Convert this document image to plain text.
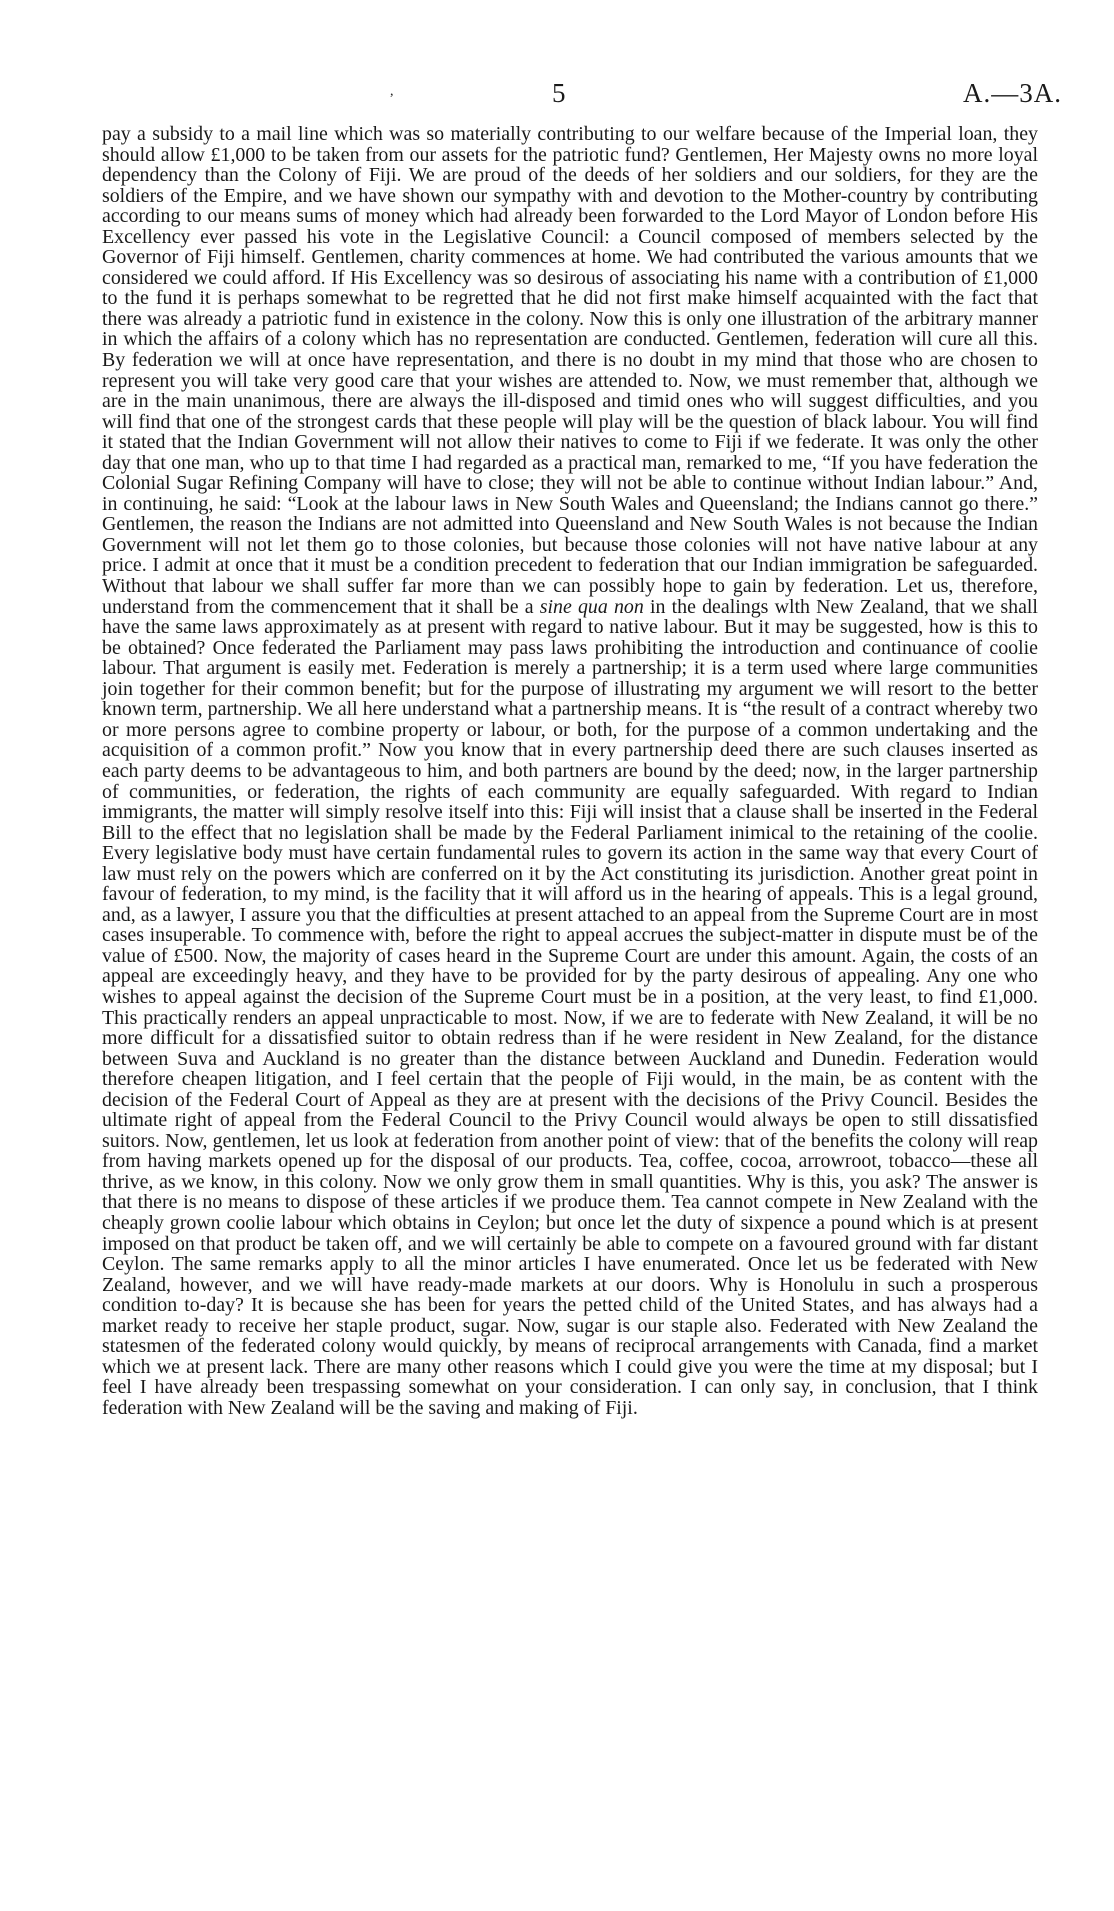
,	5	A.—3A.

pay a subsidy to a mail line which was so materially contributing to our welfare because of the Imperial loan, they should allow £1,000 to be taken from our assets for the patriotic fund? Gentlemen, Her Majesty owns no more loyal dependency than the Colony of Fiji. We are proud of the deeds of her soldiers and our soldiers, for they are the soldiers of the Empire, and we have shown our sympathy with and devotion to the Mother-country by contributing according to our means sums of money which had already been forwarded to the Lord Mayor of London before His Excellency ever passed his vote in the Legislative Council: a Council composed of members selected by the Governor of Fiji himself. Gentlemen, charity commences at home. We had contributed the various amounts that we considered we could afford. If His Excellency was so desirous of associating his name with a contribution of £1,000 to the fund it is perhaps somewhat to be regretted that he did not first make himself acquainted with the fact that there was already a patriotic fund in existence in the colony. Now this is only one illustration of the arbitrary manner in which the affairs of a colony which has no representation are conducted. Gentlemen, federation will cure all this. By federation we will at once have representation, and there is no doubt in my mind that those who are chosen to represent you will take very good care that your wishes are attended to. Now, we must remember that, although we are in the main unanimous, there are always the ill-disposed and timid ones who will suggest difficulties, and you will find that one of the strongest cards that these people will play will be the question of black labour. You will find it stated that the Indian Government will not allow their natives to come to Fiji if we federate. It was only the other day that one man, who up to that time I had regarded as a practical man, remarked to me, “If you have federation the Colonial Sugar Refining Company will have to close; they will not be able to continue without Indian labour.” And, in continuing, he said: “Look at the labour laws in New South Wales and Queensland; the Indians cannot go there.” Gentlemen, the reason the Indians are not admitted into Queensland and New South Wales is not because the Indian Government will not let them go to those colonies, but because those colonies will not have native labour at any price. I admit at once that it must be a condition precedent to federation that our Indian immigration be safeguarded. Without that labour we shall suffer far more than we can possibly hope to gain by federation. Let us, therefore, understand from the commencement that it shall be a sine qua non in the dealings wlth New Zealand, that we shall have the same laws approximately as at present with regard to native labour. But it may be suggested, how is this to be obtained? Once federated the Parliament may pass laws prohibiting the introduction and continuance of coolie labour. That argument is easily met. Federation is merely a partnership; it is a term used where large communities join together for their common benefit; but for the purpose of illustrating my argument we will resort to the better known term, partnership. We all here understand what a partnership means. It is “the result of a contract whereby two or more persons agree to combine property or labour, or both, for the purpose of a common undertaking and the acquisition of a common profit.” Now you know that in every partnership deed there are such clauses inserted as each party deems to be advantageous to him, and both partners are bound by the deed; now, in the larger partnership of communities, or federation, the rights of each community are equally safeguarded. With regard to Indian immigrants, the matter will simply resolve itself into this: Fiji will insist that a clause shall be inserted in the Federal Bill to the effect that no legislation shall be made by the Federal Parliament inimical to the retaining of the coolie. Every legislative body must have certain fundamental rules to govern its action in the same way that every Court of law must rely on the powers which are conferred on it by the Act constituting its jurisdiction. Another great point in favour of federation, to my mind, is the facility that it will afford us in the hearing of appeals. This is a legal ground, and, as a lawyer, I assure you that the difficulties at present attached to an appeal from the Supreme Court are in most cases insuperable. To commence with, before the right to appeal accrues the subject-matter in dispute must be of the value of £500. Now, the majority of cases heard in the Supreme Court are under this amount. Again, the costs of an appeal are exceedingly heavy, and they have to be provided for by the party desirous of appealing. Any one who wishes to appeal against the decision of the Supreme Court must be in a position, at the very least, to find £1,000. This practically renders an appeal unpracticable to most. Now, if we are to federate with New Zealand, it will be no more difficult for a dissatisfied suitor to obtain redress than if he were resident in New Zealand, for the distance between Suva and Auckland is no greater than the distance between Auckland and Dunedin. Federation would therefore cheapen litigation, and I feel certain that the people of Fiji would, in the main, be as content with the decision of the Federal Court of Appeal as they are at present with the decisions of the Privy Council. Besides the ultimate right of appeal from the Federal Council to the Privy Council would always be open to still dissatisfied suitors. Now, gentlemen, let us look at federation from another point of view: that of the benefits the colony will reap from having markets opened up for the disposal of our products. Tea, coffee, cocoa, arrowroot, tobacco—these all thrive, as we know, in this colony. Now we only grow them in small quantities. Why is this, you ask? The answer is that there is no means to dispose of these articles if we produce them. Tea cannot compete in New Zealand with the cheaply grown coolie labour which obtains in Ceylon; but once let the duty of sixpence a pound which is at present imposed on that product be taken off, and we will certainly be able to compete on a favoured ground with far distant Ceylon. The same remarks apply to all the minor articles I have enumerated. Once let us be federated with New Zealand, however, and we will have ready-made markets at our doors. Why is Honolulu in such a prosperous condition to-day? It is because she has been for years the petted child of the United States, and has always had a market ready to receive her staple product, sugar. Now, sugar is our staple also. Federated with New Zealand the statesmen of the federated colony would quickly, by means of reciprocal arrangements with Canada, find a market which we at present lack. There are many other reasons which I could give you were the time at my disposal; but I feel I have already been trespassing somewhat on your consideration. I can only say, in conclusion, that I think federation with New Zealand will be the saving and making of Fiji.
